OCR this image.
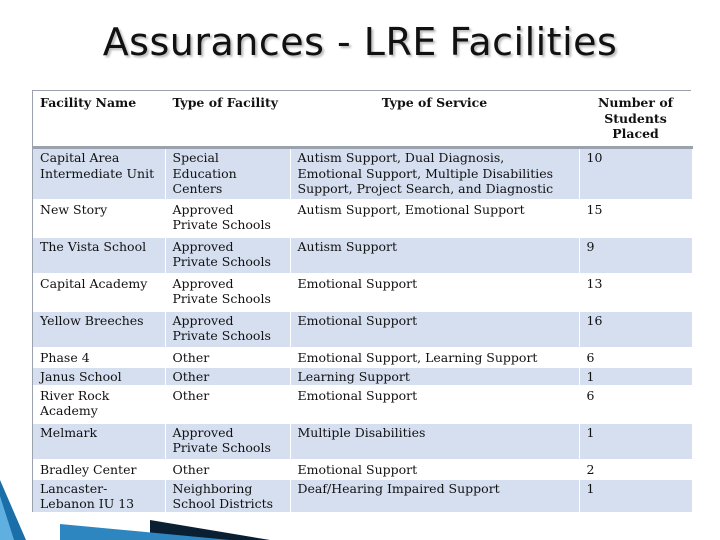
Assurances - LRE Facilities
Facility Name	Type of Facility	Type of Service	Number of Students Placed
Capital Area Intermediate Unit	Special Education Centers	Autism Support, Dual Diagnosis, Emotional Support, Multiple Disabilities Support, Project Search, and Diagnostic	10
New Story	Approved Private Schools	Autism Support, Emotional Support	15
The Vista School	Approved Private Schools	Autism Support	9
Capital Academy	Approved Private Schools	Emotional Support	13
Yellow Breeches	Approved Private Schools	Emotional Support	16
Phase 4	Other	Emotional Support, Learning Support	6
Janus School	Other	Learning Support	1
River Rock Academy	Other	Emotional Support	6
Melmark	Approved Private Schools	Multiple Disabilities	1
Bradley Center	Other	Emotional Support	2
Lancaster-Lebanon IU 13	Neighboring School Districts	Deaf/Hearing Impaired Support	1
